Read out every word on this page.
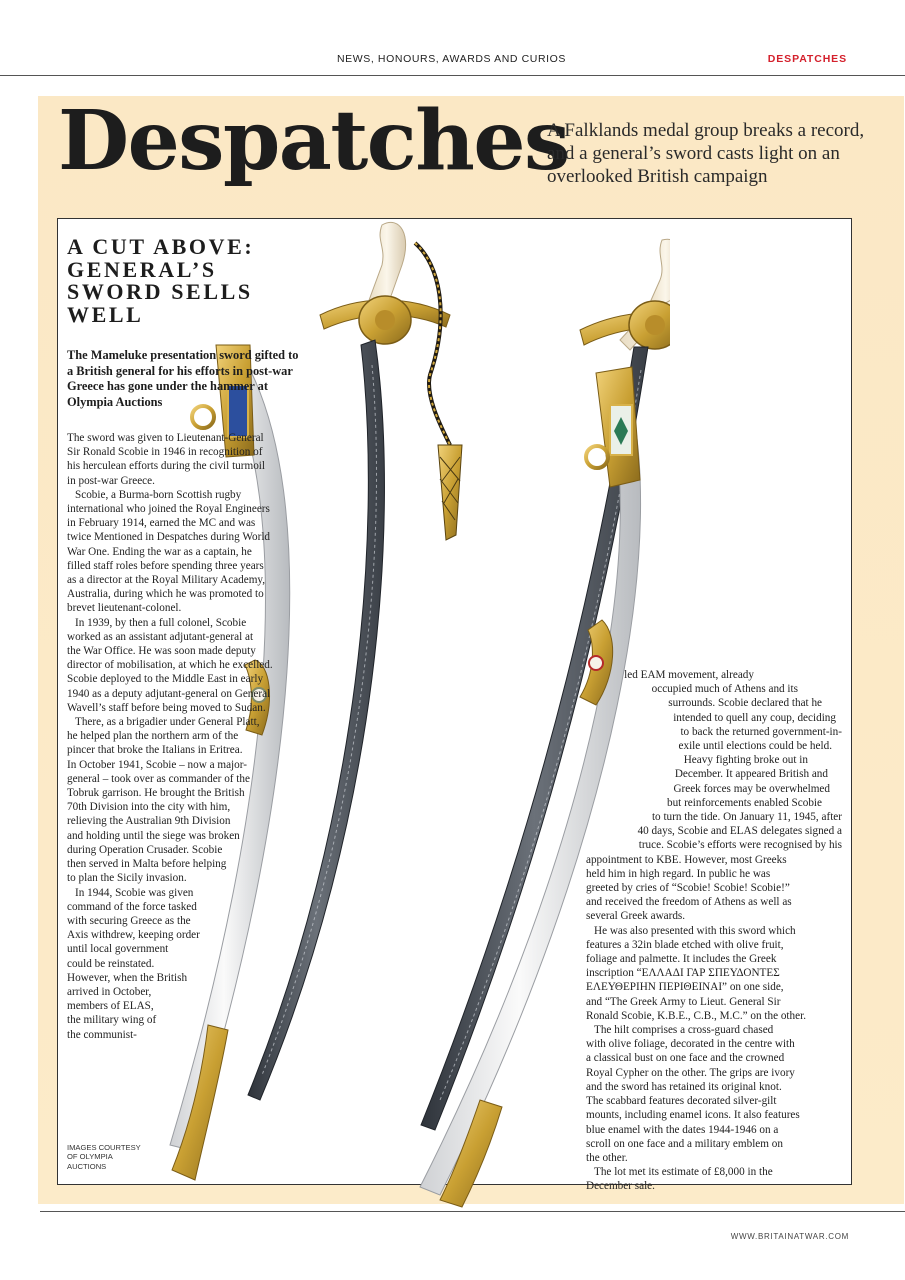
NEWS, HONOURS, AWARDS AND CURIOS	DESPATCHES
Despatches
A Falklands medal group breaks a record, and a general’s sword casts light on an overlooked British campaign
A CUT ABOVE:
GENERAL’S
SWORD SELLS
WELL
The Mameluke presentation sword gifted to a British general for his efforts in post-war Greece has gone under the hammer at Olympia Auctions

The sword was given to Lieutenant-General

Sir Ronald Scobie in 1946 in recognition of

his herculean efforts during the civil turmoil

in post-war Greece.

Scobie, a Burma-born Scottish rugby

international who joined the Royal Engineers

in February 1914, earned the MC and was

twice Mentioned in Despatches during World

War One. Ending the war as a captain, he

filled staff roles before spending three years

as a director at the Royal Military Academy,

Australia, during which he was promoted to

brevet lieutenant-colonel.

In 1939, by then a full colonel, Scobie

worked as an assistant adjutant-general at

the War Office. He was soon made deputy

director of mobilisation, at which he excelled.

Scobie deployed to the Middle East in early

1940 as a deputy adjutant-general on General

Wavell’s staff before being moved to Sudan.

There, as a brigadier under General Platt,

he helped plan the northern arm of the

pincer that broke the Italians in Eritrea.

In October 1941, Scobie – now a major-

general – took over as commander of the

Tobruk garrison. He brought the British

70th Division into the city with him,

relieving the Australian 9th Division

and holding until the siege was broken

during Operation Crusader. Scobie

then served in Malta before helping

to plan the Sicily invasion.

In 1944, Scobie was given

command of the force tasked

with securing Greece as the

Axis withdrew, keeping order

until local government

could be reinstated.

However, when the British

arrived in October,

members of ELAS,

the military wing of

the communist-

led EAM movement, already

occupied much of Athens and its

surrounds. Scobie declared that he

intended to quell any coup, deciding

to back the returned government-in-

exile until elections could be held.

Heavy fighting broke out in

December. It appeared British and

Greek forces may be overwhelmed

but reinforcements enabled Scobie

to turn the tide. On January 11, 1945, after

40 days, Scobie and ELAS delegates signed a

truce. Scobie’s efforts were recognised by his

appointment to KBE. However, most Greeks

held him in high regard. In public he was

greeted by cries of “Scobie! Scobie! Scobie!”

and received the freedom of Athens as well as

several Greek awards.

He was also presented with this sword which

features a 32in blade etched with olive fruit,

foliage and palmette. It includes the Greek

inscription “ΕΛΛΑΔΙ ΓΑΡ ΣΠΕΥΔΟΝΤΕΣ

ΕΛΕΥΘΕΡΙΗΝ ΠΕΡΙΘΕΙΝΑΙ” on one side,

and “The Greek Army to Lieut. General Sir

Ronald Scobie, K.B.E., C.B., M.C.” on the other.

The hilt comprises a cross-guard chased

with olive foliage, decorated in the centre with

a classical bust on one face and the crowned

Royal Cypher on the other. The grips are ivory

and the sword has retained its original knot.

The scabbard features decorated silver-gilt

mounts, including enamel icons. It also features

blue enamel with the dates 1944-1946 on a

scroll on one face and a military emblem on

the other.

The lot met its estimate of £8,000 in the

December sale.

IMAGES COURTESY
OF OLYMPIA
AUCTIONS
WWW.BRITAINATWAR.COM
